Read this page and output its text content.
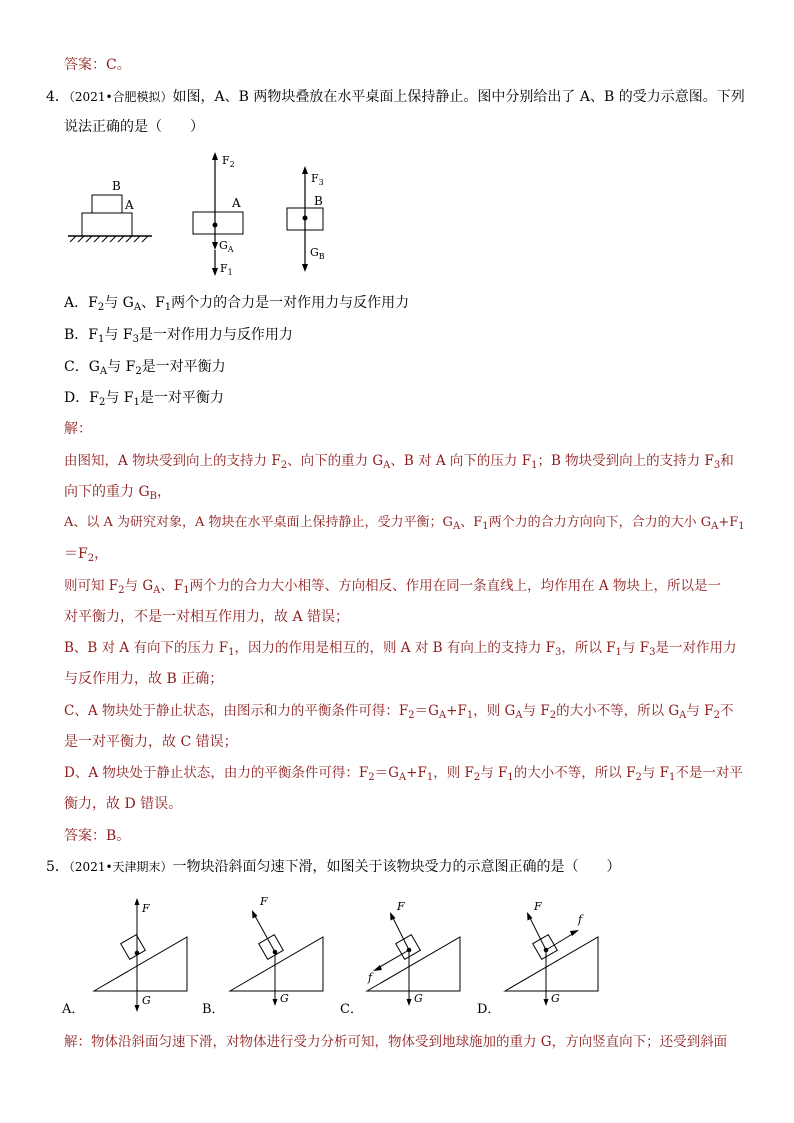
答案：C。
4．（2021•合肥模拟）如图，A、B 两物块叠放在水平桌面上保持静止。图中分别给出了 A、B 的受力示意图。下列
说法正确的是（　　）
B
A	A
$F_2$
$G_A$
$F_1$
$F_3$
B
$G_B$
A．$F_2$与 $G_A$、$F_1$两个力的合力是一对作用力与反作用力
B．$F_1$与 $F_3$是一对作用力与反作用力
C．$G_A$与 $F_2$是一对平衡力
D．$F_2$与 $F_1$是一对平衡力
解：
由图知，A 物块受到向上的支持力 $F_2$、向下的重力 $G_A$、B 对 A 向下的压力 $F_1$；B 物块受到向上的支持力 $F_3$和
向下的重力 $G_B$，
A、以 A 为研究对象，A 物块在水平桌面上保持静止，受力平衡；$G_A$、$F_1$两个力的合力方向向下，合力的大小 $G_A+F_1$
$=F_2$，
则可知 $F_2$与 $G_A$、$F_1$两个力的合力大小相等、方向相反、作用在同一条直线上，均作用在 A 物块上，所以是一
对平衡力，不是一对相互作用力，故 A 错误；
B、B 对 A 有向下的压力 $F_1$，因力的作用是相互的，则 A 对 B 有向上的支持力 $F_3$，所以 $F_1$与 $F_3$是一对作用力
与反作用力，故 B 正确；
C、A 物块处于静止状态，由图示和力的平衡条件可得：$F_2=G_A+F_1$，则 $G_A$与 $F_2$的大小不等，所以 $G_A$与 $F_2$不
是一对平衡力，故 C 错误；
D、A 物块处于静止状态，由力的平衡条件可得：$F_2=G_A+F_1$，则 $F_2$与 $F_1$的大小不等，所以 $F_2$与 $F_1$不是一对平
衡力，故 D 错误。
答案：B。
5．（2021•天津期末）一物块沿斜面匀速下滑，如图关于该物块受力的示意图正确的是（　　）
F
G
A．
F
G
B．
F
G
f
C．
F
G
f
D．
解：物体沿斜面匀速下滑，对物体进行受力分析可知，物体受到地球施加的重力 G，方向竖直向下；还受到斜面
